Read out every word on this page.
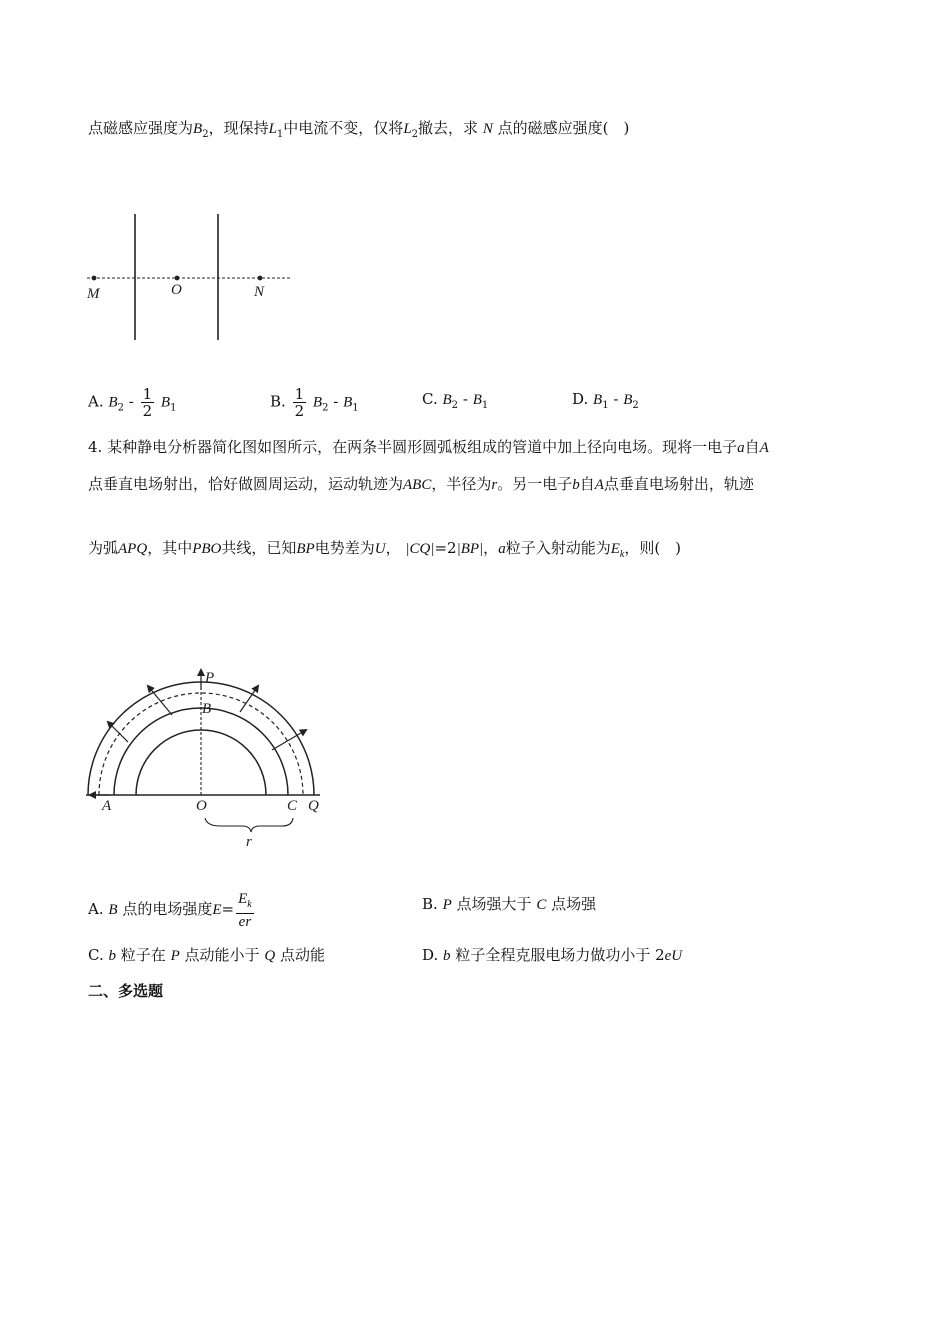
点磁感应强度为$B_2$，现保持$L_1$中电流不变，仅将$L_2$撤去，求 N 点的磁感应强度(　)
M	O	N
A. $B_2 - \frac{1}{2} B_1$	B. $\frac{1}{2} B_2 - B_1$	C. $B_2 - B_1$	D. $B_1 - B_2$
4. 某种静电分析器简化图如图所示，在两条半圆形圆弧板组成的管道中加上径向电场。现将一电子a自A
点垂直电场射出，恰好做圆周运动，运动轨迹为ABC，半径为r。另一电子b自A点垂直电场射出，轨迹
为弧APQ，其中PBO共线，已知BP电势差为U， |CQ|=2|BP|，a粒子入射动能为$E_k$，则(　)
P
B
A	O	C Q
r
A. B 点的电场强度$E= \frac{E_k}{er}$	B. P 点场强大于 C 点场强
C. b 粒子在 P 点动能小于 Q 点动能	D. b 粒子全程克服电场力做功小于 2eU
二、多选题
